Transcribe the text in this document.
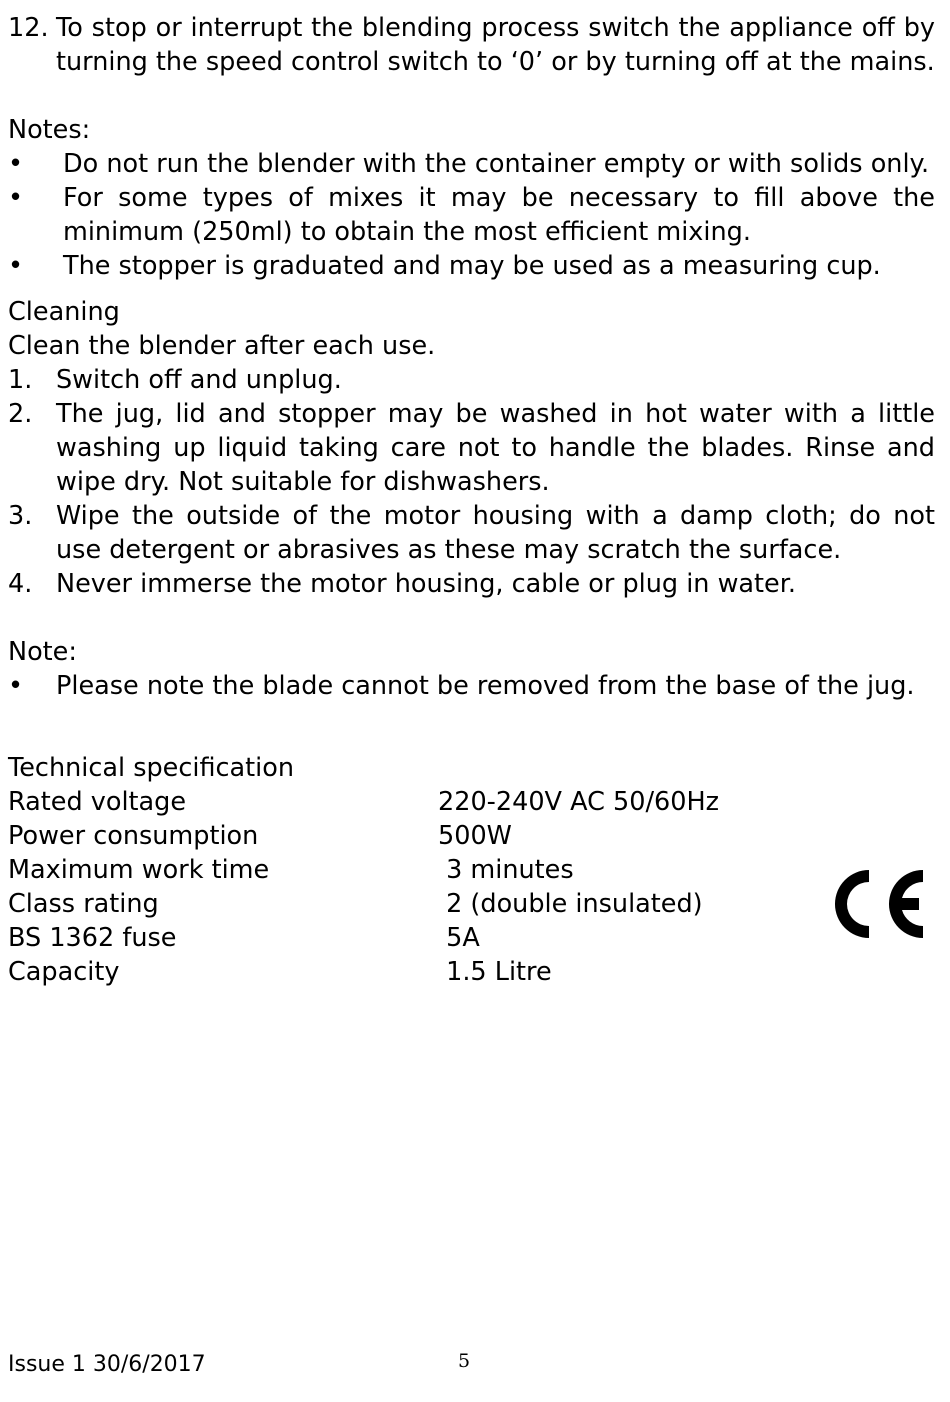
12. To stop or interrupt the blending process switch the appliance off by turning the speed control switch to ‘0’ or by turning off at the mains.
Notes:
•	Do not run the blender with the container empty or with solids only.
•	For some types of mixes it may be necessary to fill above the minimum (250ml) to obtain the most efficient mixing.
•	The stopper is graduated and may be used as a measuring cup.
Cleaning
Clean the blender after each use.
1. Switch off and unplug.
2. The jug, lid and stopper may be washed in hot water with a little washing up liquid taking care not to handle the blades. Rinse and wipe dry. Not suitable for dishwashers.
3. Wipe the outside of the motor housing with a damp cloth; do not use detergent or abrasives as these may scratch the surface.
4. Never immerse the motor housing, cable or plug in water.
Note:
•	Please note the blade cannot be removed from the base of the jug.
Technical specification
Rated voltage	220-240V AC 50/60Hz
Power consumption	500W
Maximum work time	3 minutes
Class rating	2 (double insulated)
BS 1362 fuse	5A
Capacity	1.5 Litre
Issue 1 30/6/2017	5
